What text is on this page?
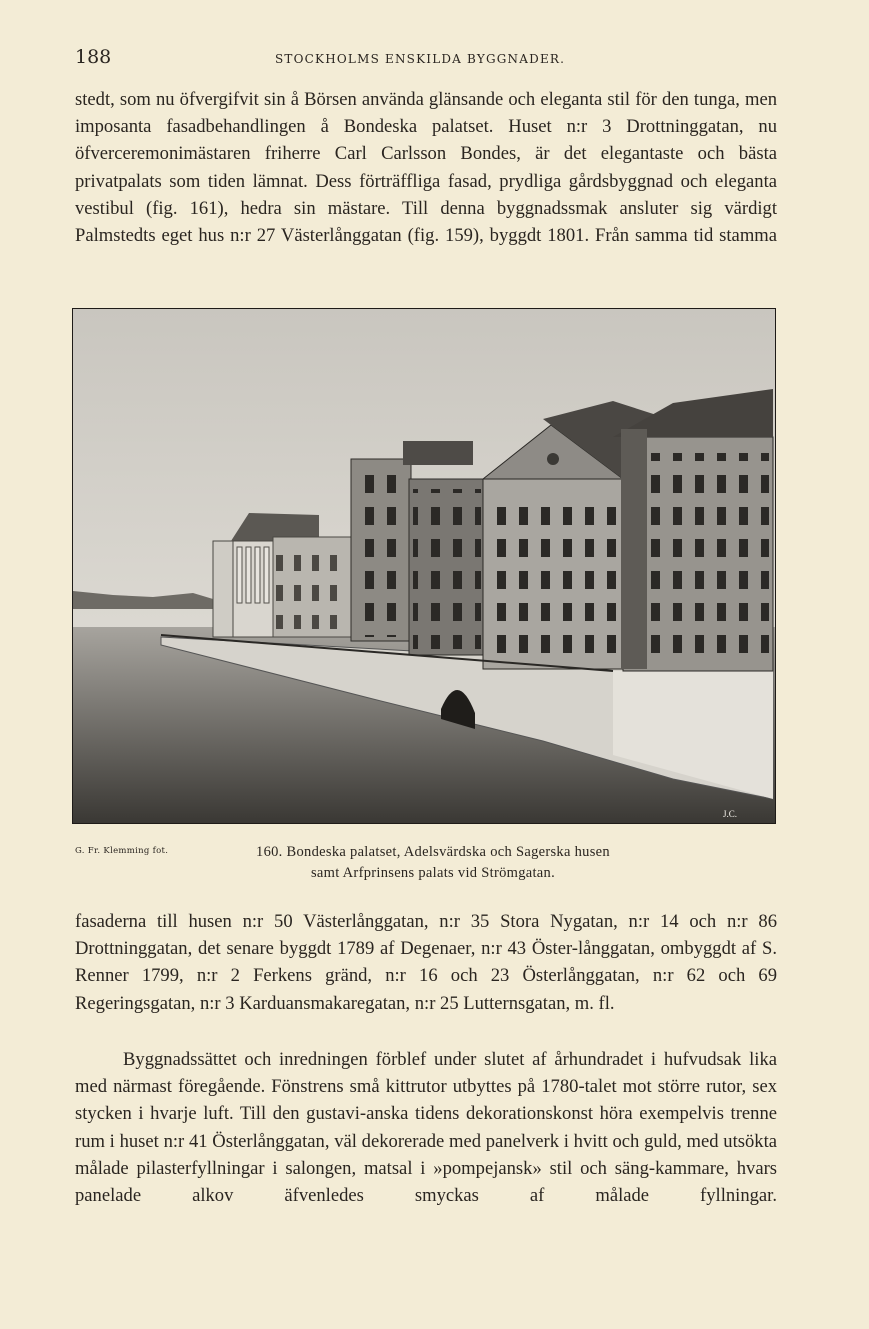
188	STOCKHOLMS ENSKILDA BYGGNADER.

stedt, som nu öfvergifvit sin å Börsen använda glänsande och eleganta stil för den tunga, men imposanta fasadbehandlingen å Bondeska palatset. Huset n:r 3 Drottninggatan, nu öfverceremonimästaren friherre Carl Carlsson Bondes, är det elegantaste och bästa privatpalats som tiden lämnat. Dess förträffliga fasad, prydliga gårdsbyggnad och eleganta vestibul (fig. 161), hedra sin mästare. Till denna byggnadssmak ansluter sig värdigt Palmstedts eget hus n:r 27 Västerlånggatan (fig. 159), byggdt 1801. Från samma tid stamma

J.C.
G. Fr. Klemming fot.	160. Bondeska palatset, Adelsvärdska och Sagerska husen
samt Arfprinsens palats vid Strömgatan.

fasaderna till husen n:r 50 Västerlånggatan, n:r 35 Stora Nygatan, n:r 14 och n:r 86 Drottninggatan, det senare byggdt 1789 af Degenaer, n:r 43 Öster-långgatan, ombyggdt af S. Renner 1799, n:r 2 Ferkens gränd, n:r 16 och 23 Österlånggatan, n:r 62 och 69 Regeringsgatan, n:r 3 Karduansmakaregatan, n:r 25 Lutternsgatan, m. fl.

Byggnadssättet och inredningen förblef under slutet af århundradet i hufvudsak lika med närmast föregående. Fönstrens små kittrutor utbyttes på 1780-talet mot större rutor, sex stycken i hvarje luft. Till den gustavi-anska tidens dekorationskonst höra exempelvis trenne rum i huset n:r 41 Österlånggatan, väl dekorerade med panelverk i hvitt och guld, med utsökta målade pilasterfyllningar i salongen, matsal i »pompejansk» stil och säng-kammare, hvars panelade alkov äfvenledes smyckas af målade fyllningar.
